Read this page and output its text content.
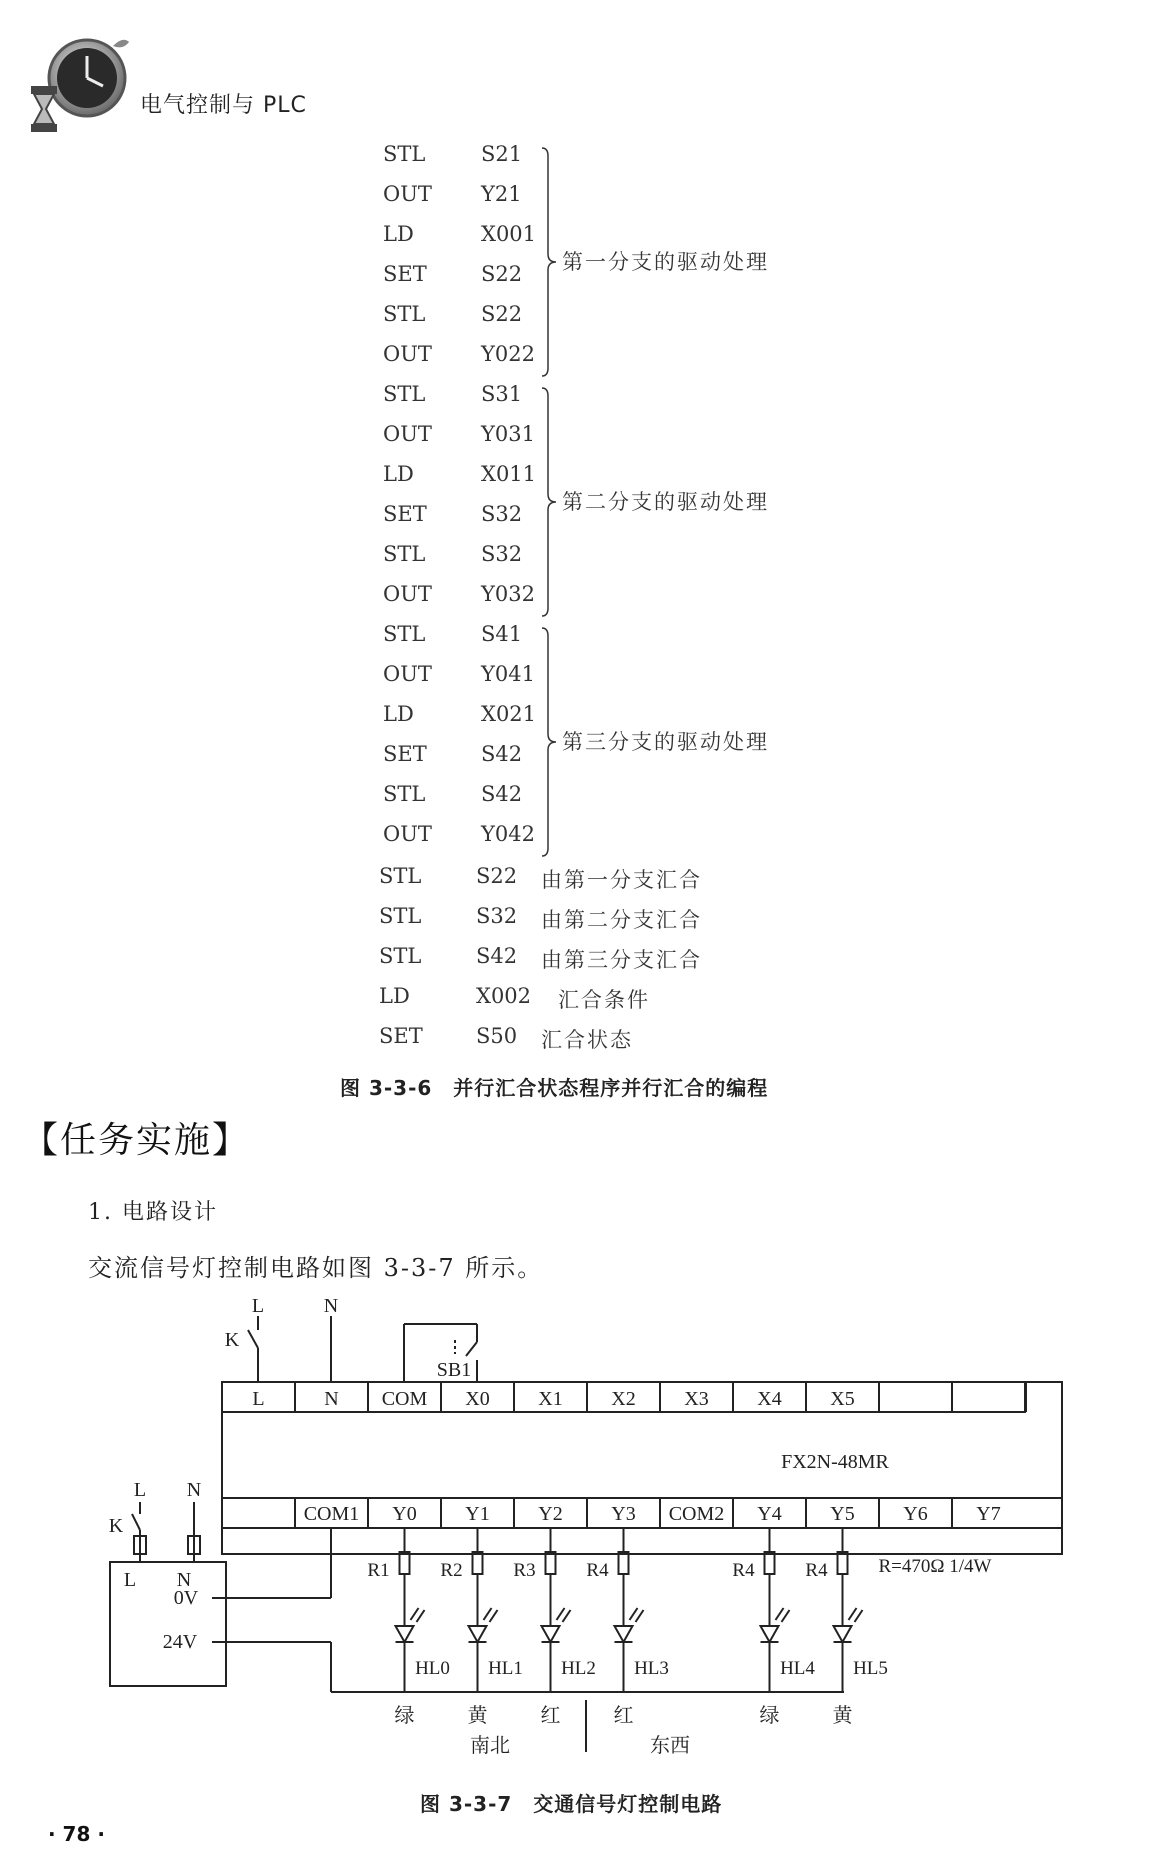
电气控制与 PLC
STL	S21
OUT Y21
LD	X001
SET	S22
STL	S22
OUT Y022
第一分支的驱动处理
STL	S31
OUT Y031
LD	X011
SET	S32
STL	S32
OUT Y032
第二分支的驱动处理
STL	S41
OUT Y041
LD	X021
SET	S42
STL	S42
OUT Y042
第三分支的驱动处理
STL	S22 由第一分支汇合
STL	S32 由第二分支汇合
STL	S42 由第三分支汇合
LD	X002 汇合条件
SET	S50 汇合状态
图 3-3-6　并行汇合状态程序并行汇合的编程
【任务实施】
1. 电路设计
交流信号灯控制电路如图 3-3-7 所示。
L	N COM X0 X1 X2 X3 X4 X5
COM1 Y0 Y1 Y2 Y3 COM2 Y4 Y5 Y6 Y7
FX2N-48MR
L	N
K
SB1
L N
K
L N
0V
24V
R1
HL0
绿
R2
HL1
黄
R3
HL2
红
R4
HL3
红
R4
HL4
绿
R4
HL5
黄
R=470Ω 1/4W
南北	东西
图 3-3-7　交通信号灯控制电路
· 78 ·
